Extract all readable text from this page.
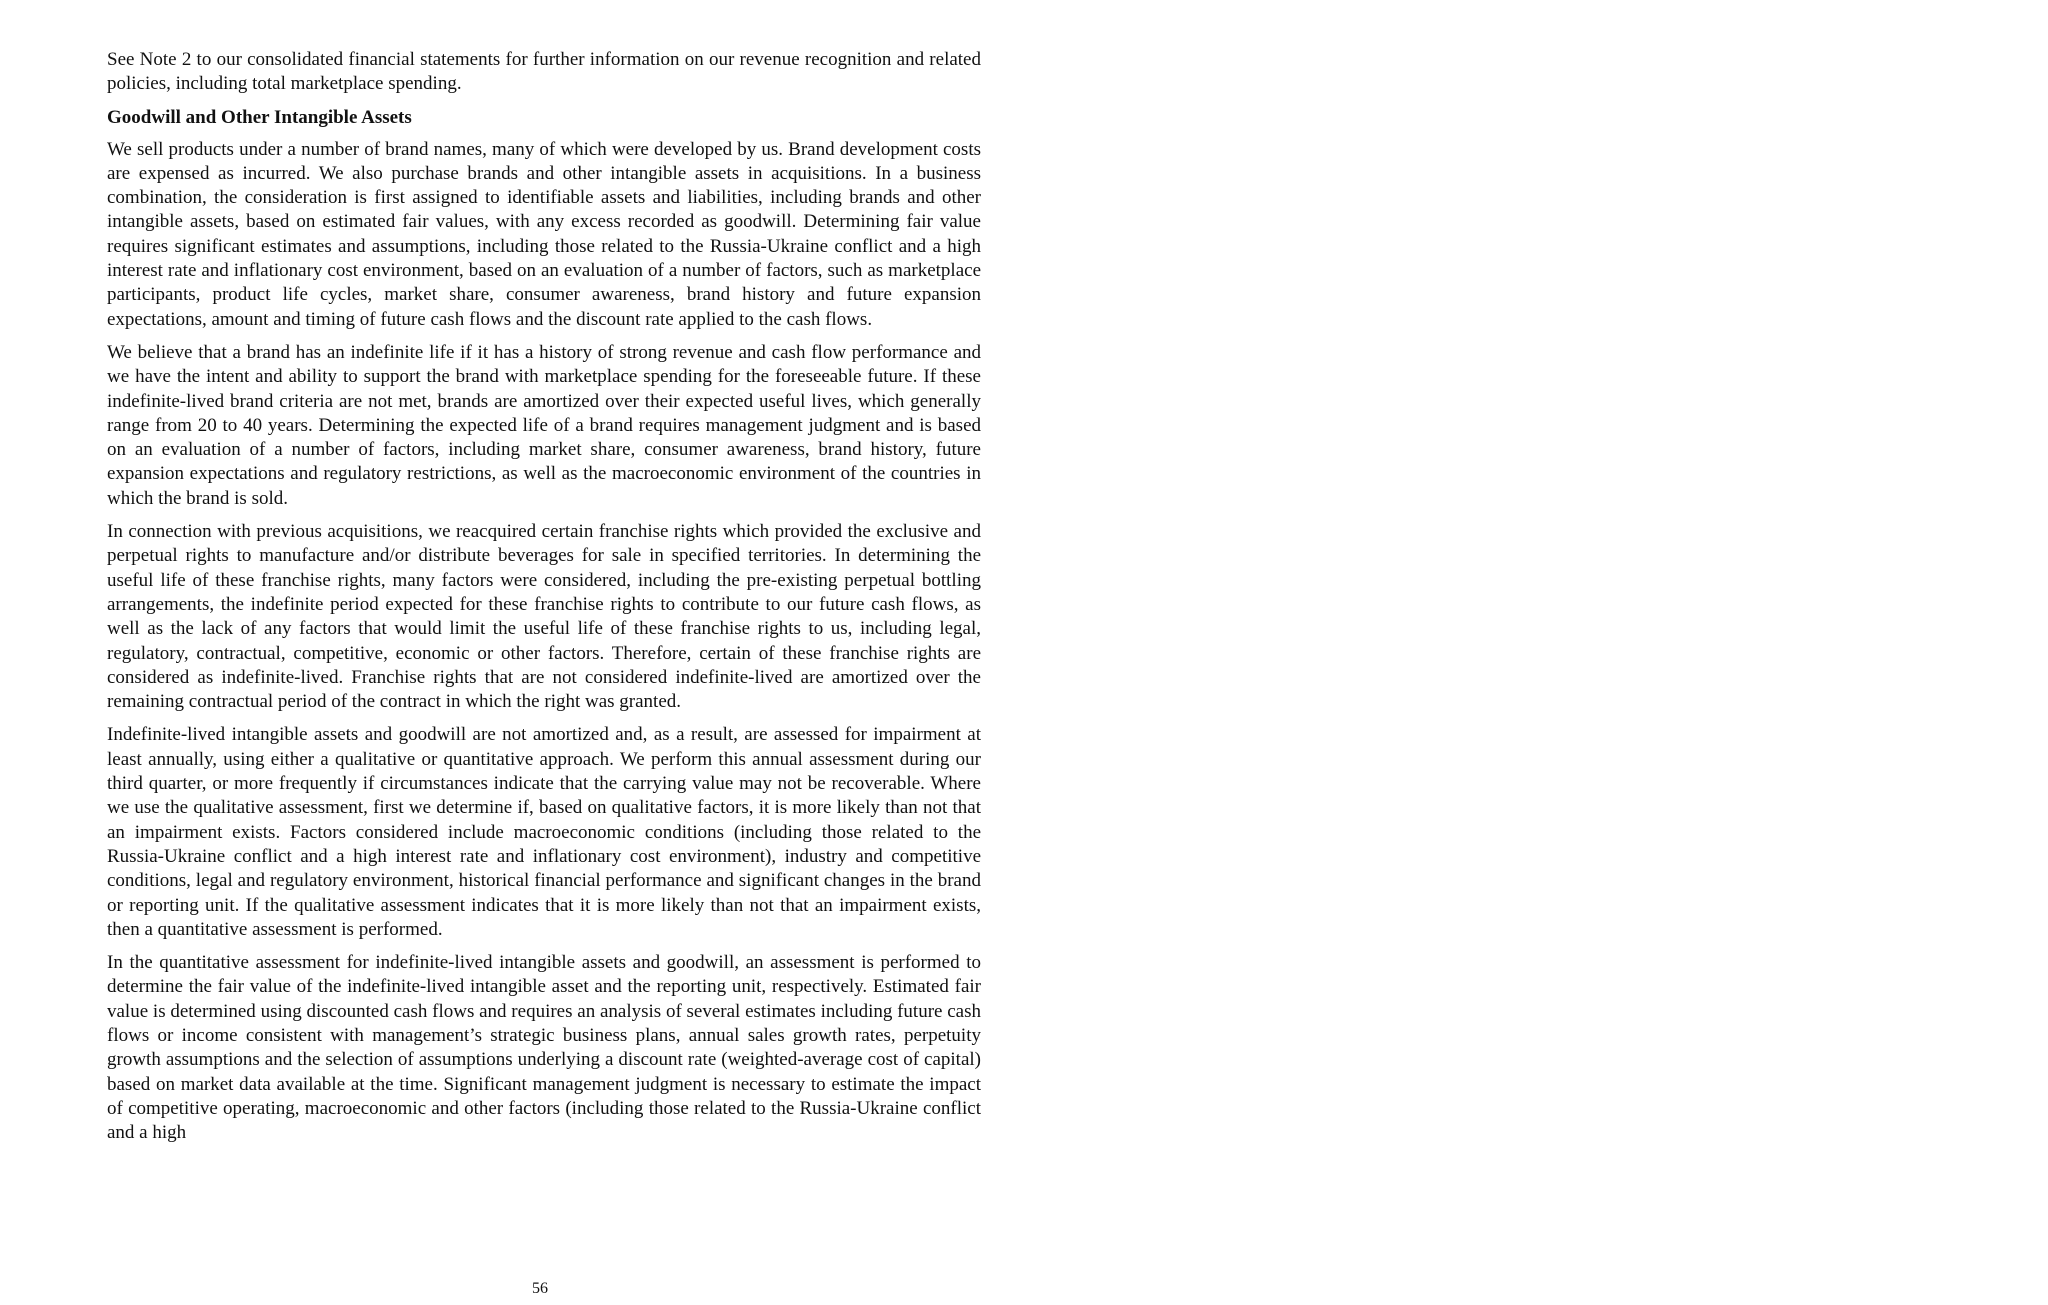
See Note 2 to our consolidated financial statements for further information on our revenue recognition and related policies, including total marketplace spending.

Goodwill and Other Intangible Assets

We sell products under a number of brand names, many of which were developed by us. Brand development costs are expensed as incurred. We also purchase brands and other intangible assets in acquisitions. In a business combination, the consideration is first assigned to identifiable assets and liabilities, including brands and other intangible assets, based on estimated fair values, with any excess recorded as goodwill. Determining fair value requires significant estimates and assumptions, including those related to the Russia-Ukraine conflict and a high interest rate and inflationary cost environment, based on an evaluation of a number of factors, such as marketplace participants, product life cycles, market share, consumer awareness, brand history and future expansion expectations, amount and timing of future cash flows and the discount rate applied to the cash flows.

We believe that a brand has an indefinite life if it has a history of strong revenue and cash flow performance and we have the intent and ability to support the brand with marketplace spending for the foreseeable future. If these indefinite-lived brand criteria are not met, brands are amortized over their expected useful lives, which generally range from 20 to 40 years. Determining the expected life of a brand requires management judgment and is based on an evaluation of a number of factors, including market share, consumer awareness, brand history, future expansion expectations and regulatory restrictions, as well as the macroeconomic environment of the countries in which the brand is sold.

In connection with previous acquisitions, we reacquired certain franchise rights which provided the exclusive and perpetual rights to manufacture and/or distribute beverages for sale in specified territories. In determining the useful life of these franchise rights, many factors were considered, including the pre-existing perpetual bottling arrangements, the indefinite period expected for these franchise rights to contribute to our future cash flows, as well as the lack of any factors that would limit the useful life of these franchise rights to us, including legal, regulatory, contractual, competitive, economic or other factors. Therefore, certain of these franchise rights are considered as indefinite-lived. Franchise rights that are not considered indefinite-lived are amortized over the remaining contractual period of the contract in which the right was granted.

Indefinite-lived intangible assets and goodwill are not amortized and, as a result, are assessed for impairment at least annually, using either a qualitative or quantitative approach. We perform this annual assessment during our third quarter, or more frequently if circumstances indicate that the carrying value may not be recoverable. Where we use the qualitative assessment, first we determine if, based on qualitative factors, it is more likely than not that an impairment exists. Factors considered include macroeconomic conditions (including those related to the Russia-Ukraine conflict and a high interest rate and inflationary cost environment), industry and competitive conditions, legal and regulatory environment, historical financial performance and significant changes in the brand or reporting unit. If the qualitative assessment indicates that it is more likely than not that an impairment exists, then a quantitative assessment is performed.

In the quantitative assessment for indefinite-lived intangible assets and goodwill, an assessment is performed to determine the fair value of the indefinite-lived intangible asset and the reporting unit, respectively. Estimated fair value is determined using discounted cash flows and requires an analysis of several estimates including future cash flows or income consistent with management’s strategic business plans, annual sales growth rates, perpetuity growth assumptions and the selection of assumptions underlying a discount rate (weighted-average cost of capital) based on market data available at the time. Significant management judgment is necessary to estimate the impact of competitive operating, macroeconomic and other factors (including those related to the Russia-Ukraine conflict and a high

56
